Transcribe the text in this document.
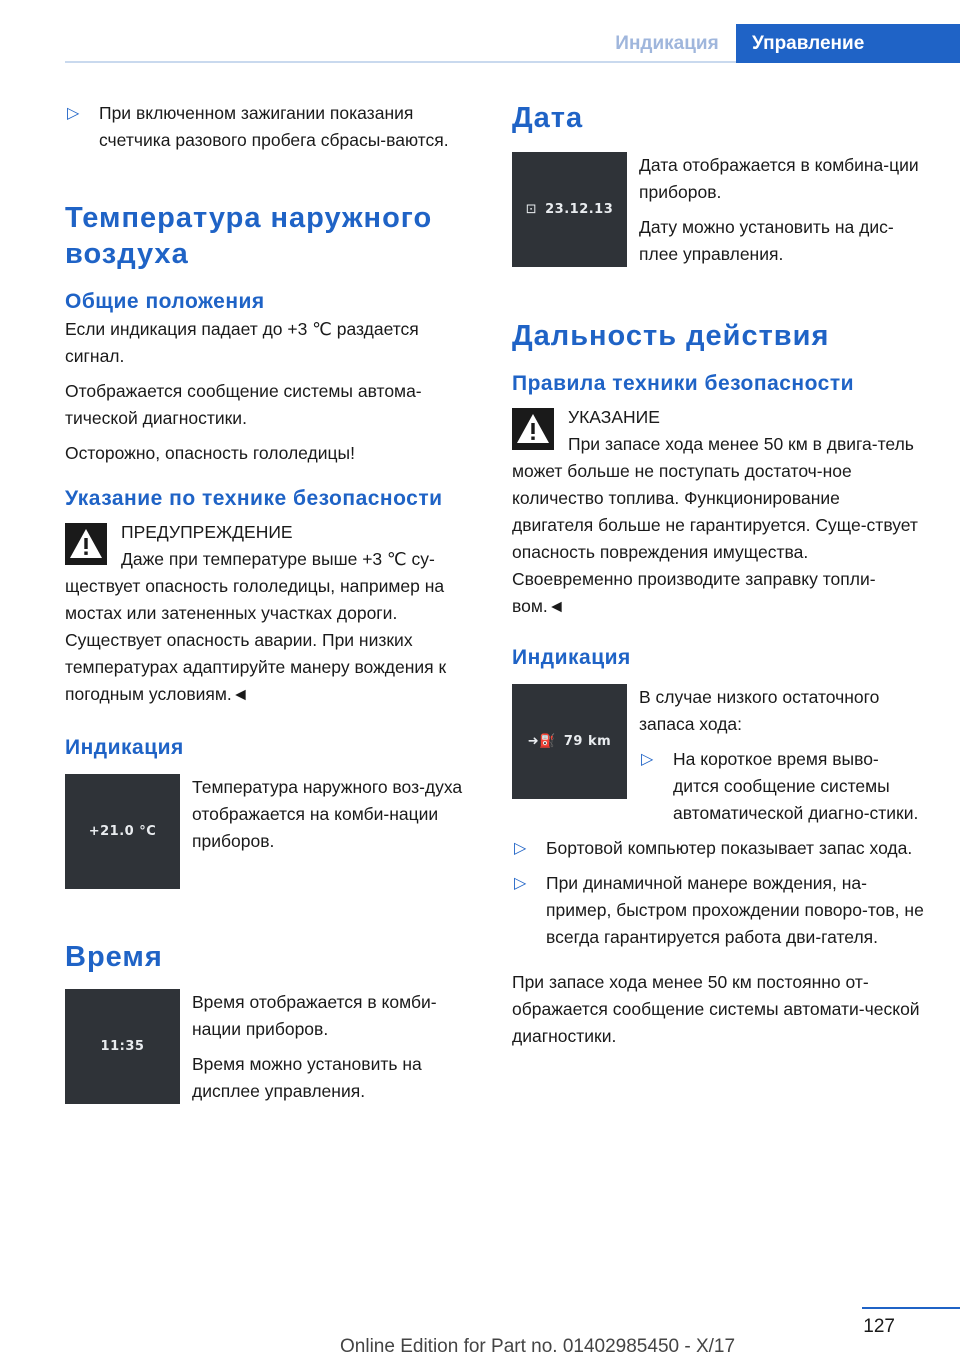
Индикация	Управление
▷ При включенном зажигании показания счетчика разового пробега сбрасы-ваются.
Температура наружного воздуха
Общие положения

Если индикация падает до +3 ℃ раздается сигнал.

Отображается сообщение системы автома-тической диагностики.

Осторожно, опасность гололедицы!

Указание по технике безопасности
ПРЕДУПРЕЖДЕНИЕ
Даже при температуре выше +3 ℃ су-ществует опасность гололедицы, например на мостах или затененных участках дороги. Существует опасность аварии. При низких температурах адаптируйте манеру вождения к погодным условиям.◄
Индикация
+21.0 °C
Температура наружного воз-духа отображается на комби-нации приборов.
Время
11:35

Время отображается в комби-нации приборов.

Время можно установить на дисплее управления.

Дата
⊡ 23.12.13

Дата отображается в комбина-ции приборов.

Дату можно установить на дис-плее управления.

Дальность действия
Правила техники безопасности
УКАЗАНИЕ
При запасе хода менее 50 км в двига-тель может больше не поступать достаточ-ное количество топлива. Функционирование двигателя больше не гарантируется. Суще-ствует опасность повреждения имущества. Своевременно производите заправку топли-вом.◄
Индикация
➜⛽ 79 km

В случае низкого остаточного запаса хода:

▷ На короткое время выво-дится сообщение системы автоматической диагно-стики.
▷ Бортовой компьютер показывает запас хода.
▷ При динамичной манере вождения, на-пример, быстром прохождении поворо-тов, не всегда гарантируется работа дви-гателя.

При запасе хода менее 50 км постоянно от-ображается сообщение системы автомати-ческой диагностики.

127
Online Edition for Part no. 01402985450 - X/17
